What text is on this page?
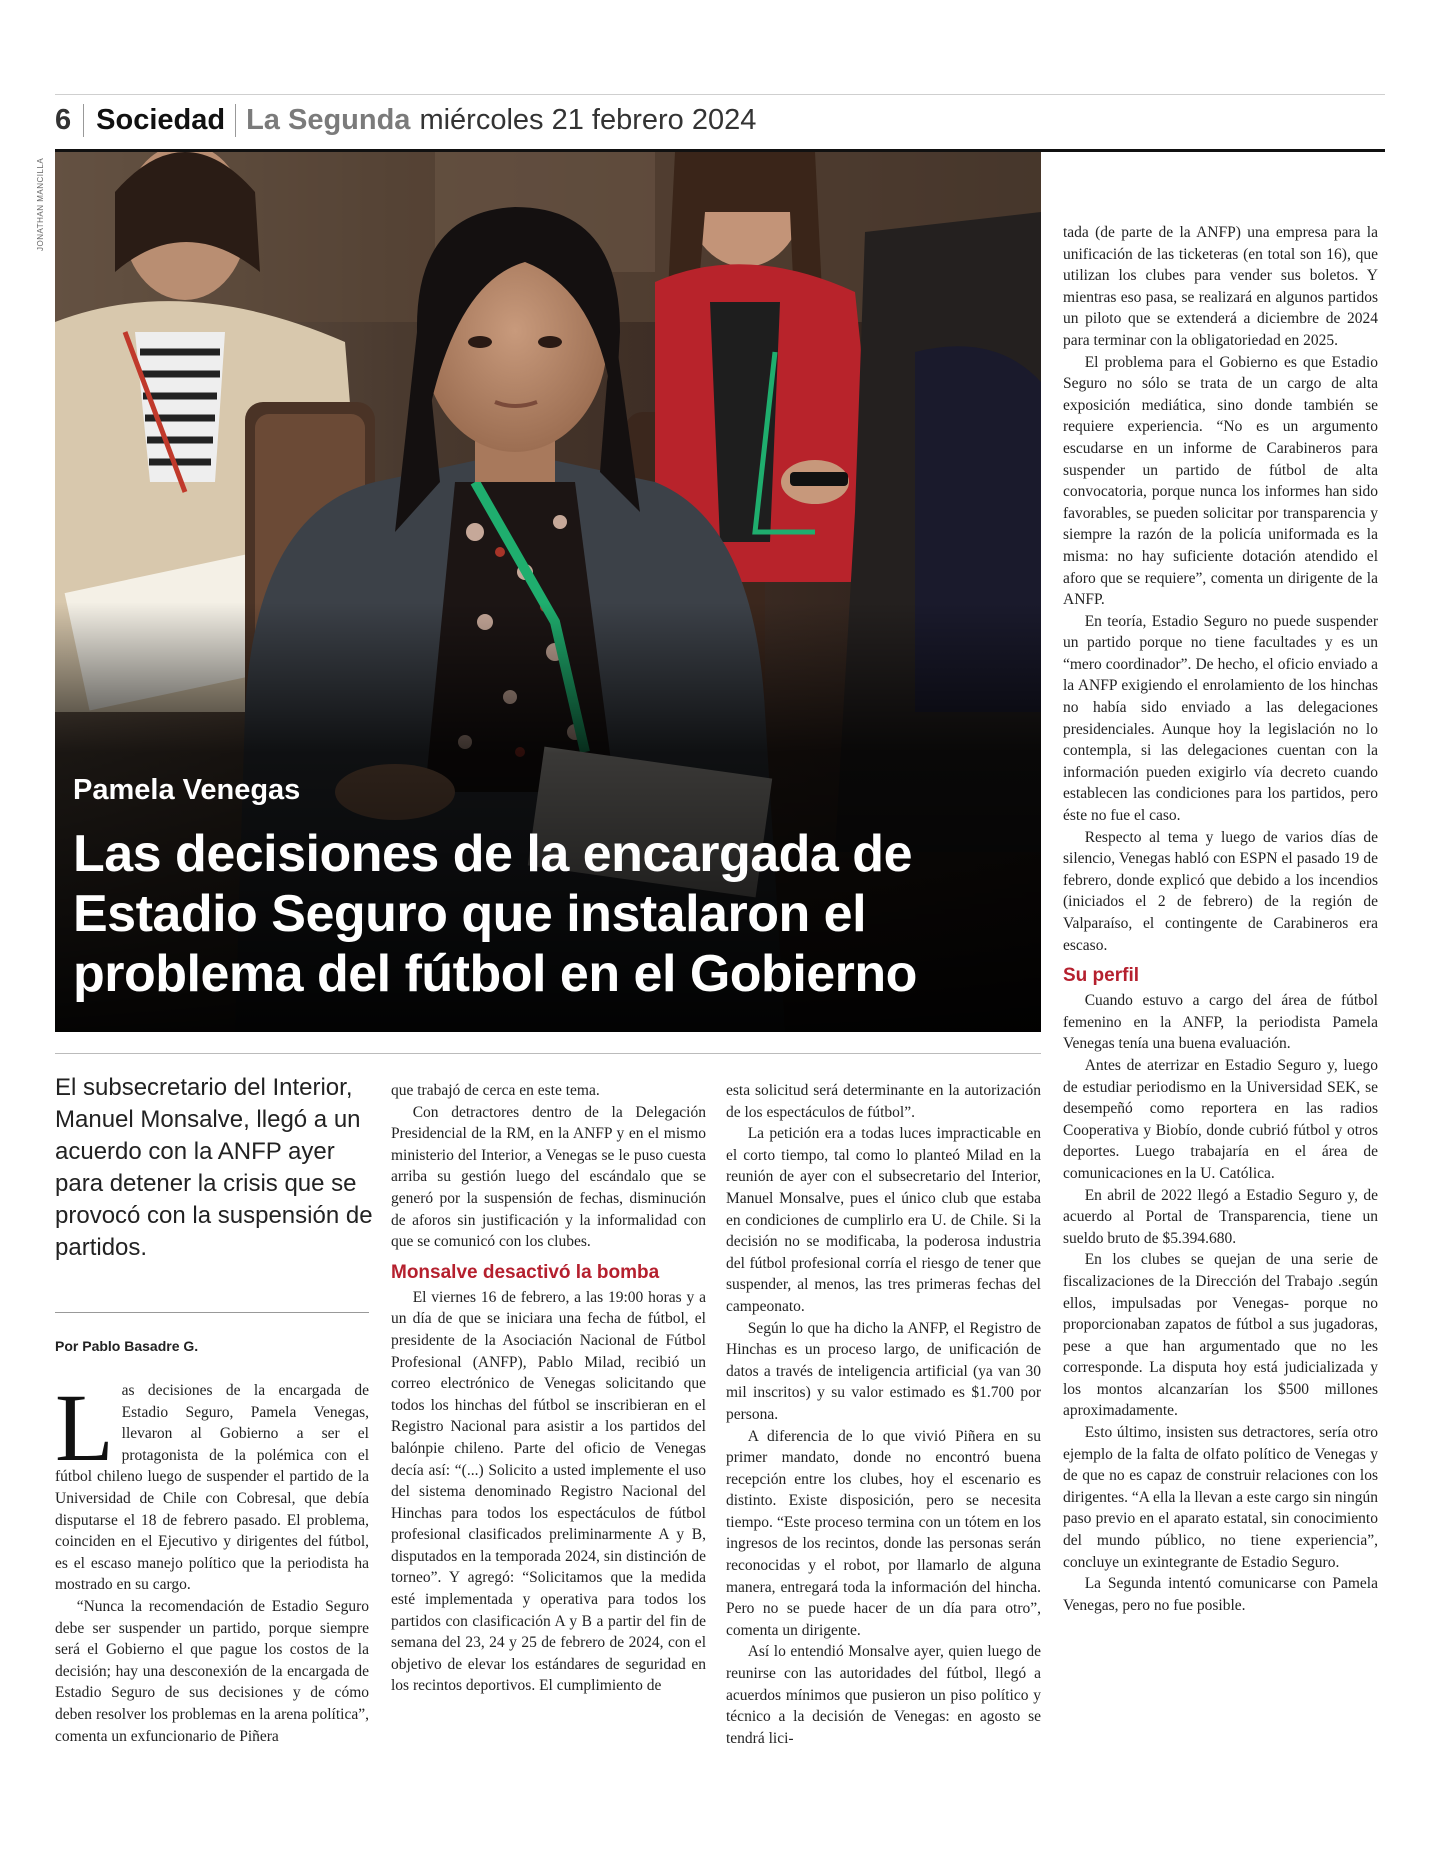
6 Sociedad La Segunda miércoles 21 febrero 2024
JONATHAN MANCILLA
Pamela Venegas
Las decisiones de la encargada de Estadio Seguro que instalaron el problema del fútbol en el Gobierno

El subsecretario del Interior, Manuel Monsalve, llegó a un acuerdo con la ANFP ayer para detener la crisis que se provocó con la suspensión de partidos.

Por Pablo Basadre G.

Las decisiones de la encargada de Estadio Seguro, Pamela Venegas, llevaron al Gobierno a ser el protagonista de la polémica con el fútbol chileno luego de suspender el partido de la Universidad de Chile con Cobresal, que debía disputarse el 18 de febrero pasado. El problema, coinciden en el Ejecutivo y dirigentes del fútbol, es el escaso manejo político que la periodista ha mostrado en su cargo.

“Nunca la recomendación de Estadio Seguro debe ser suspender un partido, porque siempre será el Gobierno el que pague los costos de la decisión; hay una desconexión de la encargada de Estadio Seguro de sus decisiones y de cómo deben resolver los problemas en la arena política”, comenta un exfuncionario de Piñera

que trabajó de cerca en este tema.

Con detractores dentro de la Delegación Presidencial de la RM, en la ANFP y en el mismo ministerio del Interior, a Venegas se le puso cuesta arriba su gestión luego del escándalo que se generó por la suspensión de fechas, disminución de aforos sin justificación y la informalidad con que se comunicó con los clubes.

Monsalve desactivó la bomba

El viernes 16 de febrero, a las 19:00 horas y a un día de que se iniciara una fecha de fútbol, el presidente de la Asociación Nacional de Fútbol Profesional (ANFP), Pablo Milad, recibió un correo electrónico de Venegas solicitando que todos los hinchas del fútbol se inscribieran en el Registro Nacional para asistir a los partidos del balónpie chileno. Parte del oficio de Venegas decía así: “(...) Solicito a usted implemente el uso del sistema denominado Registro Nacional del Hinchas para todos los espectáculos de fútbol profesional clasificados preliminarmente A y B, disputados en la temporada 2024, sin distinción de torneo”. Y agregó: “Solicitamos que la medida esté implementada y operativa para todos los partidos con clasificación A y B a partir del fin de semana del 23, 24 y 25 de febrero de 2024, con el objetivo de elevar los estándares de seguridad en los recintos deportivos. El cumplimiento de

esta solicitud será determinante en la autorización de los espectáculos de fútbol”.

La petición era a todas luces impracticable en el corto tiempo, tal como lo planteó Milad en la reunión de ayer con el subsecretario del Interior, Manuel Monsalve, pues el único club que estaba en condiciones de cumplirlo era U. de Chile. Si la decisión no se modificaba, la poderosa industria del fútbol profesional corría el riesgo de tener que suspender, al menos, las tres primeras fechas del campeonato.

Según lo que ha dicho la ANFP, el Registro de Hinchas es un proceso largo, de unificación de datos a través de inteligencia artificial (ya van 30 mil inscritos) y su valor estimado es $1.700 por persona.

A diferencia de lo que vivió Piñera en su primer mandato, donde no encontró buena recepción entre los clubes, hoy el escenario es distinto. Existe disposición, pero se necesita tiempo. “Este proceso termina con un tótem en los ingresos de los recintos, donde las personas serán reconocidas y el robot, por llamarlo de alguna manera, entregará toda la información del hincha. Pero no se puede hacer de un día para otro”, comenta un dirigente.

Así lo entendió Monsalve ayer, quien luego de reunirse con las autoridades del fútbol, llegó a acuerdos mínimos que pusieron un piso político y técnico a la decisión de Venegas: en agosto se tendrá lici-

tada (de parte de la ANFP) una empresa para la unificación de las ticketeras (en total son 16), que utilizan los clubes para vender sus boletos. Y mientras eso pasa, se realizará en algunos partidos un piloto que se extenderá a diciembre de 2024 para terminar con la obligatoriedad en 2025.

El problema para el Gobierno es que Estadio Seguro no sólo se trata de un cargo de alta exposición mediática, sino donde también se requiere experiencia. “No es un argumento escudarse en un informe de Carabineros para suspender un partido de fútbol de alta convocatoria, porque nunca los informes han sido favorables, se pueden solicitar por transparencia y siempre la razón de la policía uniformada es la misma: no hay suficiente dotación atendido el aforo que se requiere”, comenta un dirigente de la ANFP.

En teoría, Estadio Seguro no puede suspender un partido porque no tiene facultades y es un “mero coordinador”. De hecho, el oficio enviado a la ANFP exigiendo el enrolamiento de los hinchas no había sido enviado a las delegaciones presidenciales. Aunque hoy la legislación no lo contempla, si las delegaciones cuentan con la información pueden exigirlo vía decreto cuando establecen las condiciones para los partidos, pero éste no fue el caso.

Respecto al tema y luego de varios días de silencio, Venegas habló con ESPN el pasado 19 de febrero, donde explicó que debido a los incendios (iniciados el 2 de febrero) de la región de Valparaíso, el contingente de Carabineros era escaso.

Su perfil

Cuando estuvo a cargo del área de fútbol femenino en la ANFP, la periodista Pamela Venegas tenía una buena evaluación.

Antes de aterrizar en Estadio Seguro y, luego de estudiar periodismo en la Universidad SEK, se desempeñó como reportera en las radios Cooperativa y Biobío, donde cubrió fútbol y otros deportes. Luego trabajaría en el área de comunicaciones en la U. Católica.

En abril de 2022 llegó a Estadio Seguro y, de acuerdo al Portal de Transparencia, tiene un sueldo bruto de $5.394.680.

En los clubes se quejan de una serie de fiscalizaciones de la Dirección del Trabajo .según ellos, impulsadas por Venegas- porque no proporcionaban zapatos de fútbol a sus jugadoras, pese a que han argumentado que no les corresponde. La disputa hoy está judicializada y los montos alcanzarían los $500 millones aproximadamente.

Esto último, insisten sus detractores, sería otro ejemplo de la falta de olfato político de Venegas y de que no es capaz de construir relaciones con los dirigentes. “A ella la llevan a este cargo sin ningún paso previo en el aparato estatal, sin conocimiento del mundo público, no tiene experiencia”, concluye un exintegrante de Estadio Seguro.

La Segunda intentó comunicarse con Pamela Venegas, pero no fue posible.
